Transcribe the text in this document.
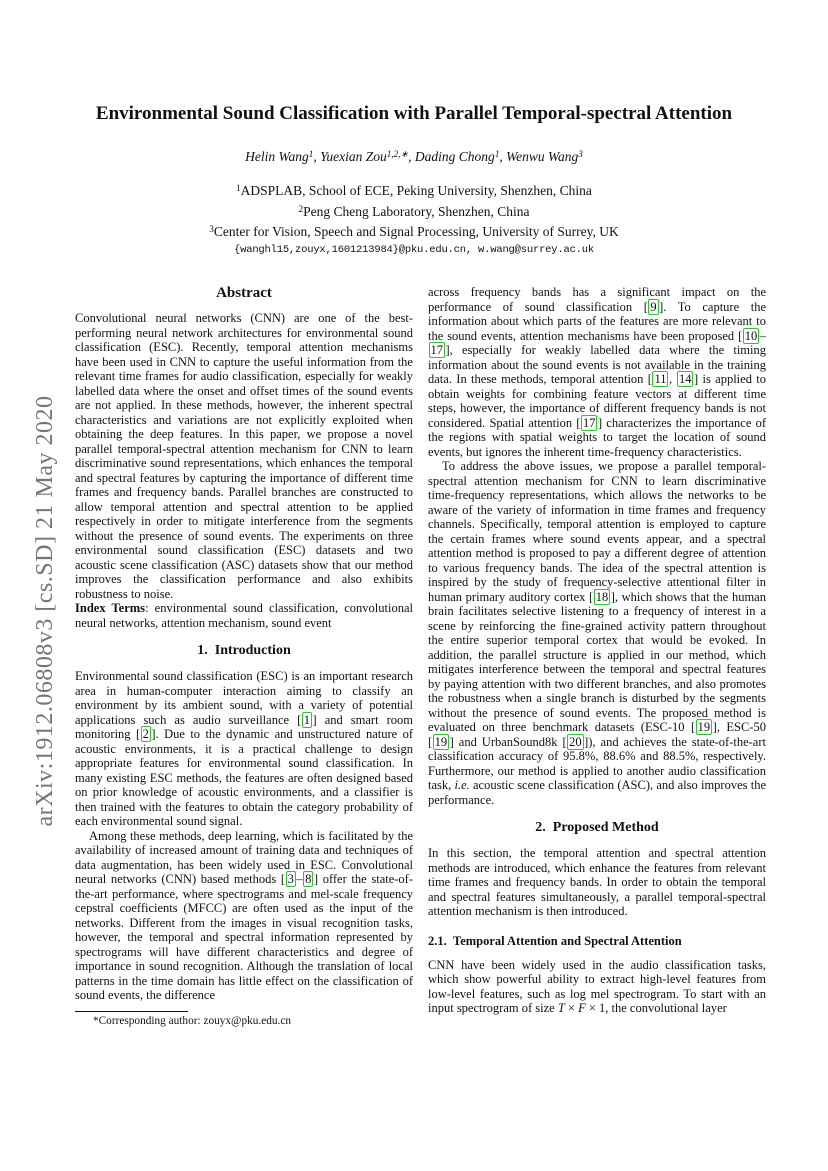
arXiv:1912.06808v3 [cs.SD] 21 May 2020
Environmental Sound Classification with Parallel Temporal-spectral Attention
Helin Wang$^1$, Yuexian Zou$^{1,2,∗}$, Dading Chong$^1$, Wenwu Wang$^3$
$^1$ADSPLAB, School of ECE, Peking University, Shenzhen, China
$^2$Peng Cheng Laboratory, Shenzhen, China
$^3$Center for Vision, Speech and Signal Processing, University of Surrey, UK
{wanghl15,zouyx,1601213984}@pku.edu.cn, w.wang@surrey.ac.uk
Abstract

Convolutional neural networks (CNN) are one of the best-performing neural network architectures for environmental sound classification (ESC). Recently, temporal attention mechanisms have been used in CNN to capture the useful information from the relevant time frames for audio classification, especially for weakly labelled data where the onset and offset times of the sound events are not applied. In these methods, however, the inherent spectral characteristics and variations are not explicitly exploited when obtaining the deep features. In this paper, we propose a novel parallel temporal-spectral attention mechanism for CNN to learn discriminative sound representations, which enhances the temporal and spectral features by capturing the importance of different time frames and frequency bands. Parallel branches are constructed to allow temporal attention and spectral attention to be applied respectively in order to mitigate interference from the segments without the presence of sound events. The experiments on three environmental sound classification (ESC) datasets and two acoustic scene classification (ASC) datasets show that our method improves the classification performance and also exhibits robustness to noise.

Index Terms: environmental sound classification, convolutional neural networks, attention mechanism, sound event

1.  Introduction

Environmental sound classification (ESC) is an important research area in human-computer interaction aiming to classify an environment by its ambient sound, with a variety of potential applications such as audio surveillance [ 1 ] and smart room monitoring [ 2 ]. Due to the dynamic and unstructured nature of acoustic environments, it is a practical challenge to design appropriate features for environmental sound classification. In many existing ESC methods, the features are often designed based on prior knowledge of acoustic environments, and a classifier is then trained with the features to obtain the category probability of each environmental sound signal.

Among these methods, deep learning, which is facilitated by the availability of increased amount of training data and techniques of data augmentation, has been widely used in ESC. Convolutional neural networks (CNN) based methods [ 3 – 8 ] offer the state-of-the-art performance, where spectrograms and mel-scale frequency cepstral coefficients (MFCC) are often used as the input of the networks. Different from the images in visual recognition tasks, however, the temporal and spectral information represented by spectrograms will have different characteristics and degree of importance in sound recognition. Although the translation of local patterns in the time domain has little effect on the classification of sound events, the difference

across frequency bands has a significant impact on the performance of sound classification [ 9 ]. To capture the information about which parts of the features are more relevant to the sound events, attention mechanisms have been proposed [ 10 –17 ], especially for weakly labelled data where the timing information about the sound events is not available in the training data. In these methods, temporal attention [ 11 , 14 ] is applied to obtain weights for combining feature vectors at different time steps, however, the importance of different frequency bands is not considered. Spatial attention [ 17 ] characterizes the importance of the regions with spatial weights to target the location of sound events, but ignores the inherent time-frequency characteristics.

To address the above issues, we propose a parallel temporal-spectral attention mechanism for CNN to learn discriminative time-frequency representations, which allows the networks to be aware of the variety of information in time frames and frequency channels. Specifically, temporal attention is employed to capture the certain frames where sound events appear, and a spectral attention method is proposed to pay a different degree of attention to various frequency bands. The idea of the spectral attention is inspired by the study of frequency-selective attentional filter in human primary auditory cortex [ 18 ], which shows that the human brain facilitates selective listening to a frequency of interest in a scene by reinforcing the fine-grained activity pattern throughout the entire superior temporal cortex that would be evoked. In addition, the parallel structure is applied in our method, which mitigates interference between the temporal and spectral features by paying attention with two different branches, and also promotes the robustness when a single branch is disturbed by the segments without the presence of sound events. The proposed method is evaluated on three benchmark datasets (ESC-10 [ 19 ], ESC-50 [ 19 ] and UrbanSound8k [ 20 ]), and achieves the state-of-the-art classification accuracy of 95.8%, 88.6% and 88.5%, respectively. Furthermore, our method is applied to another audio classification task, i.e. acoustic scene classification (ASC), and also improves the performance.

2.  Proposed Method

In this section, the temporal attention and spectral attention methods are introduced, which enhance the features from relevant time frames and frequency bands. In order to obtain the temporal and spectral features simultaneously, a parallel temporal-spectral attention mechanism is then introduced.

2.1.  Temporal Attention and Spectral Attention

CNN have been widely used in the audio classification tasks, which show powerful ability to extract high-level features from low-level features, such as log mel spectrogram. To start with an input spectrogram of size T × F × 1, the convolutional layer

*Corresponding author: zouyx@pku.edu.cn
